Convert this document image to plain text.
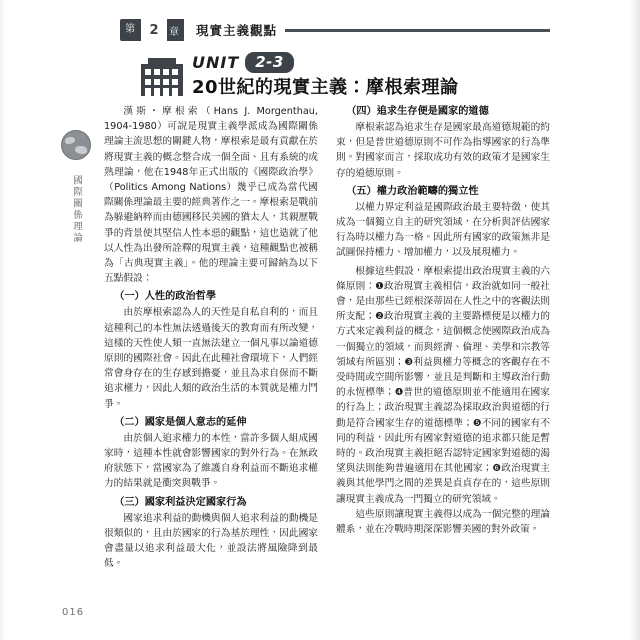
第	2	章	現實主義觀點
UNIT	2-3
20世紀的現實主義：摩根索理論
國際關係理論

漢斯・摩根索（Hans J. Morgenthau, 1904-1980）可說是現實主義學派成為國際關係理論主流思想的關鍵人物，摩根索是最有貢獻在於將現實主義的概念整合成一個全面、且有系統的成熟理論，他在1948年正式出版的《國際政治學》（Politics Among Nations）幾乎已成為當代國際關係理論最主要的經典著作之一。摩根索是戰前為躲避納粹而由德國移民美國的猶太人，其親歷戰爭的背景使其堅信人性本惡的觀點，這也造就了他以人性為出發所詮釋的現實主義，這種觀點也被稱為「古典現實主義」。他的理論主要可歸納為以下五點假設：

（一）人性的政治哲學

由於摩根索認為人的天性是自私自利的，而且這種利己的本性無法透過後天的教育而有所改變，這樣的天性使人類一直無法建立一個凡事以論道德原則的國際社會。因此在此種社會環境下，人們經常會身存在的生存感到擔憂，並且為求自保而不斷追求權力，因此人類的政治生活的本質就是權力鬥爭。

（二）國家是個人意志的延伸

由於個人追求權力的本性，當許多個人組成國家時，這種本性就會影響國家的對外行為。在無政府狀態下，當國家為了維護自身利益而不斷追求權力的結果就是衝突與戰爭。

（三）國家利益決定國家行為

國家追求利益的動機與個人追求利益的動機是很類似的，且由於國家的行為基於理性，因此國家會盡量以追求利益最大化，並設法將風險降到最低。

（四）追求生存便是國家的道德

摩根索認為追求生存是國家最高道德規範的約束，但是普世道德原則不可作為指導國家的行為準則。對國家而言，採取成功有效的政策才是國家生存的道德原則。

（五）權力政治範疇的獨立性

以權力界定利益是國際政治最主要特徵，使其成為一個獨立自主的研究領域，在分析與評估國家行為時以權力為一格。因此所有國家的政策無非是試圖保持權力、增加權力，以及展現權力。

根據這些假設，摩根索提出政治現實主義的六條原則：❶政治現實主義相信，政治就如同一般社會，是由那些已經根深蒂固在人性之中的客觀法則所支配；❷政治現實主義的主要路標便是以權力的方式來定義利益的概念，這個概念使國際政治成為一個獨立的領域，而與經濟、倫理、美學和宗教等領域有所區別；❸利益與權力等概念的客觀存在不受時間或空間所影響，並且是判斷和主導政治行動的永恆標準；❹普世的道德原則並不能適用在國家的行為上；政治現實主義認為採取政治與道德的行動是符合國家生存的道德標準；❺不同的國家有不同的利益，因此所有國家對道德的追求都只能是暫時的。政治現實主義拒絕否認特定國家對道德的渴望與法則能夠普遍適用在其他國家；❻政治現實主義與其他學門之間的差異是貞貞存在的，這些原則讓現實主義成為一門獨立的研究領域。

這些原則讓現實主義得以成為一個完整的理論體系，並在冷戰時期深深影響美國的對外政策。

016
